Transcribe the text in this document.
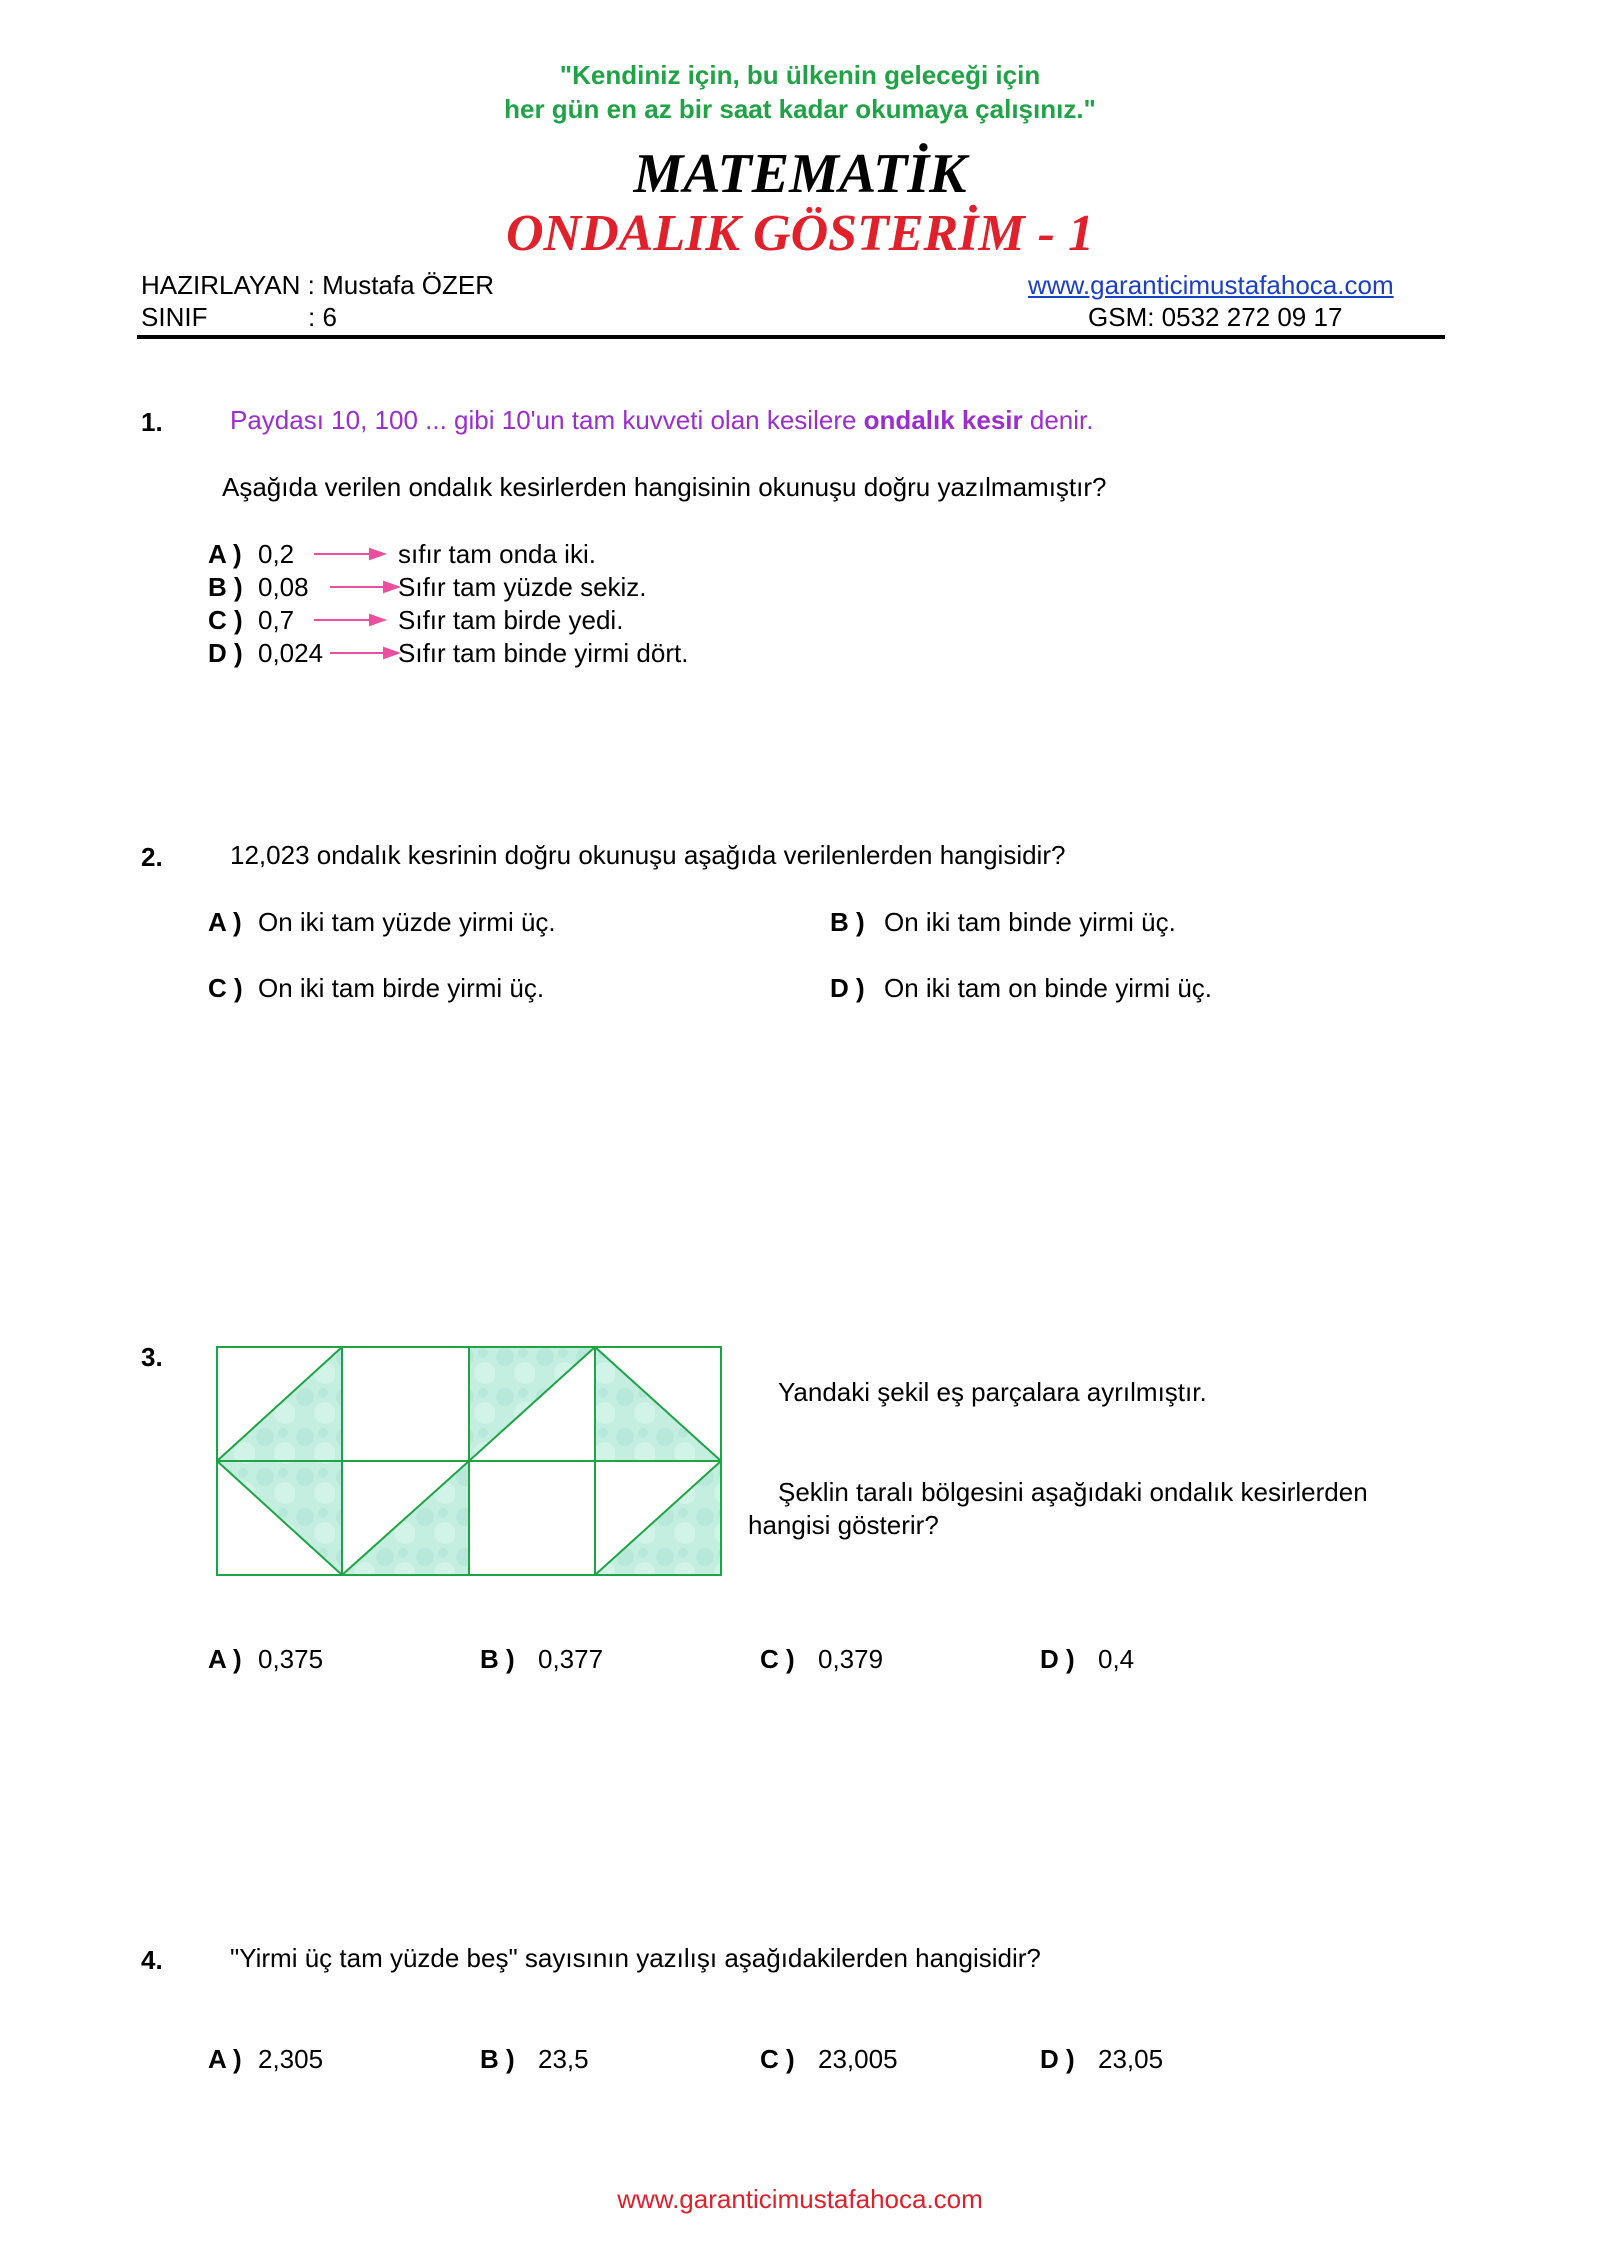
"Kendiniz için, bu ülkenin geleceği için
her gün en az bir saat kadar okumaya çalışınız."
MATEMATİK
ONDALIK GÖSTERİM - 1
HAZIRLAYAN : Mustafa ÖZER
SINIF	: 6
www.garanticimustafahoca.com
GSM: 0532 272 09 17
1.	Paydası 10, 100 ... gibi 10'un tam kuvveti olan kesilere ondalık kesir denir.
Aşağıda verilen ondalık kesirlerden hangisinin okunuşu doğru yazılmamıştır?
A ) 0,2	sıfır tam onda iki.
B ) 0,08	Sıfır tam yüzde sekiz.
C ) 0,7	Sıfır tam birde yedi.
D ) 0,024	Sıfır tam binde yirmi dört.
2.	12,023 ondalık kesrinin doğru okunuşu aşağıda verilenlerden hangisidir?
A ) On iki tam yüzde yirmi üç.	B ) On iki tam binde yirmi üç.
C ) On iki tam birde yirmi üç.	D ) On iki tam on binde yirmi üç.
3.
Yandaki şekil eş parçalara ayrılmıştır.
Şeklin taralı bölgesini aşağıdaki ondalık kesirlerden
hangisi gösterir?
A ) 0,375	B ) 0,377	C ) 0,379	D ) 0,4
4.	"Yirmi üç tam yüzde beş" sayısının yazılışı aşağıdakilerden hangisidir?
A ) 2,305	B ) 23,5	C ) 23,005	D ) 23,05
www.garanticimustafahoca.com
